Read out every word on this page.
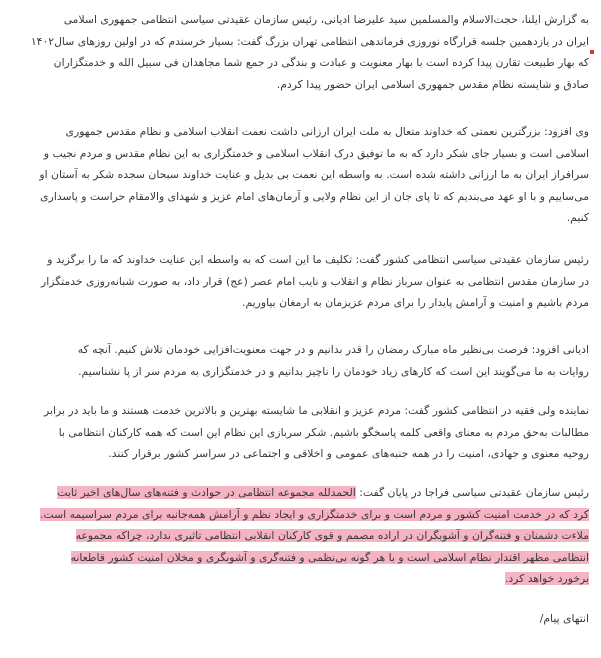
به گزارش ایلنا، حجت‌الاسلام والمسلمین سید علیرضا ادیانی، رئیس سازمان عقیدتی سیاسی انتظامی جمهوری اسلامی
ایران در یازدهمین جلسه قرارگاه نوروزی فرماندهی انتظامی تهران بزرگ گفت: بسیار خرسندم که در اولین روزهای سال۱۴۰۲
که بهار طبیعت تقارن پیدا کرده است با بهار معنویت و عبادت و بندگی در جمع شما مجاهدان فی سبیل الله و خدمتگزاران
صادق و شایسته نظام مقدس جمهوری اسلامی ایران حضور پیدا کردم.

وی افزود: بزرگترین نعمتی که خداوند متعال به ملت ایران ارزانی داشت نعمت انقلاب اسلامی و نظام مقدس جمهوری
اسلامی است و بسیار جای شکر دارد که به ما توفیق درک انقلاب اسلامی و خدمتگزاری به این نظام مقدس و مردم نجیب و
سرافراز ایران به ما ارزانی داشته شده است. به واسطه این نعمت بی بدیل و عنایت خداوند سبحان سجده شکر به آستان او
می‌ساییم و با او عهد می‌بندیم که تا پای جان از این نظام ولایی و آرمان‌های امام عزیز و شهدای والامقام حراست و پاسداری
کنیم.

رئیس سازمان عقیدتی سیاسی انتظامی کشور گفت: تکلیف ما این است که به واسطه این عنایت خداوند که ما را برگزید و
در سازمان مقدس انتظامی به عنوان سرباز نظام و انقلاب و نایب امام عصر (عج) قرار داد، به صورت شبانه‌روزی خدمتگزار
مردم باشیم و امنیت و آرامش پایدار را برای مردم عزیزمان به ارمغان بیاوریم.

ادیانی افزود: فرصت بی‌نظیر ماه مبارک رمضان را قدر بدانیم و در جهت معنویت‌افزایی خودمان تلاش کنیم. آنچه که
روایات به ما می‌گویند این است که کارهای زیاد خودمان را ناچیز بدانیم و در خدمتگزاری به مردم سر از پا نشناسیم.

نماینده ولی فقیه در انتظامی کشور گفت: مردم عزیز و انقلابی ما شایسته بهترین و بالاترین خدمت هستند و ما باید در برابر
مطالبات به‌حق مردم به معنای واقعی کلمه پاسخگو باشیم. شکر سربازی این نظام این است که همه کارکنان انتظامی با
روحیه معنوی و جهادی، امنیت را در همه جنبه‌های عمومی و اخلاقی و اجتماعی در سراسر کشور برقرار کنند.

رئیس سازمان عقیدتی سیاسی فراجا در پایان گفت: الحمدلله مجموعه انتظامی در حوادث و فتنه‌های سال‌های اخیر ثابت
کرد که در خدمت امنیت کشور و مردم است و برای خدمتگزاری و ایجاد نظم و آرامش همه‌جانبه برای مردم سراسیمه است.
ملاءت دشمنان و فتنه‌گران و آشوبگران در اراده مصمم و قوی کارکنان انقلابی انتظامی تاثیری ندارد، چراکه مجموعه
انتظامی مظهر اقتدار نظام اسلامی است و با هر گونه بی‌نظمی و فتنه‌گری و آشوبگری و مخلان امنیت کشور قاطعانه
برخورد خواهد کرد.

انتهای پیام/
